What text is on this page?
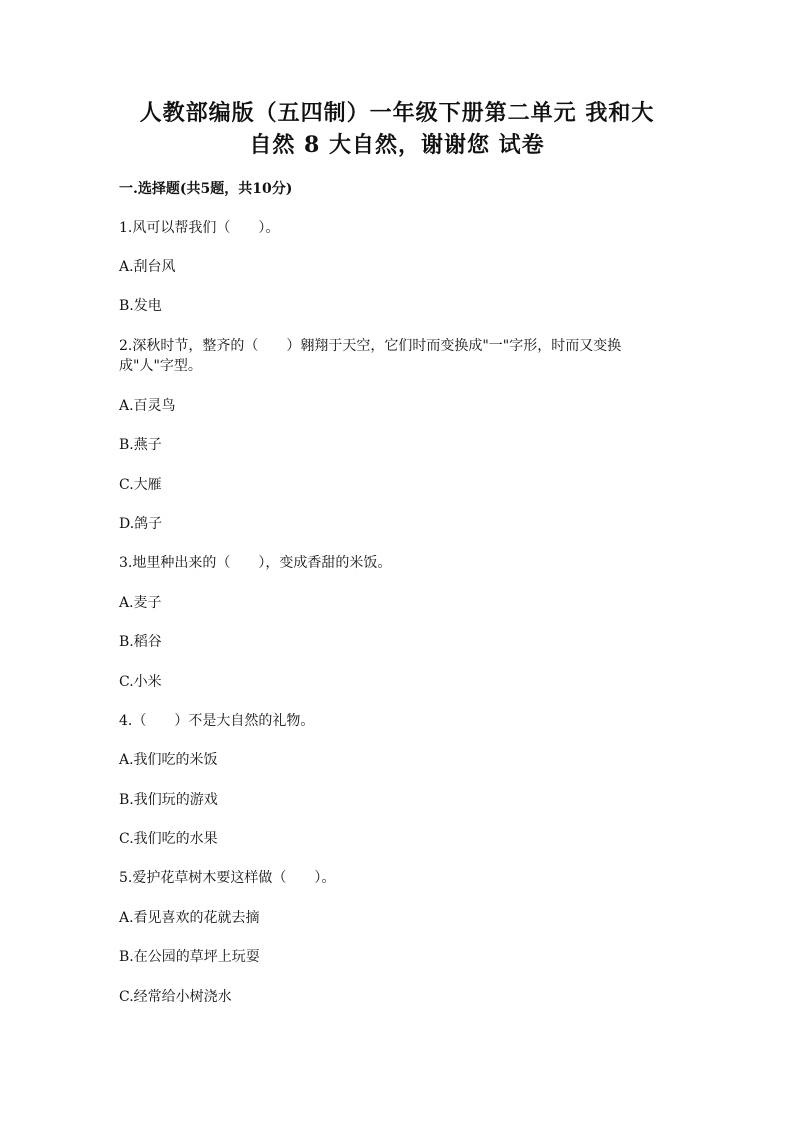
人教部编版（五四制）一年级下册第二单元 我和大
自然 8 大自然，谢谢您 试卷
一.选择题(共5题，共10分)
1.风可以帮我们（　　）。
A.刮台风
B.发电
2.深秋时节，整齐的（　　）翱翔于天空，它们时而变换成"一"字形，时而又变换成"人"字型。
A.百灵鸟
B.燕子
C.大雁
D.鸽子
3.地里种出来的（　　），变成香甜的米饭。
A.麦子
B.稻谷
C.小米
4.（　　）不是大自然的礼物。
A.我们吃的米饭
B.我们玩的游戏
C.我们吃的水果
5.爱护花草树木要这样做（　　）。
A.看见喜欢的花就去摘
B.在公园的草坪上玩耍
C.经常给小树浇水
